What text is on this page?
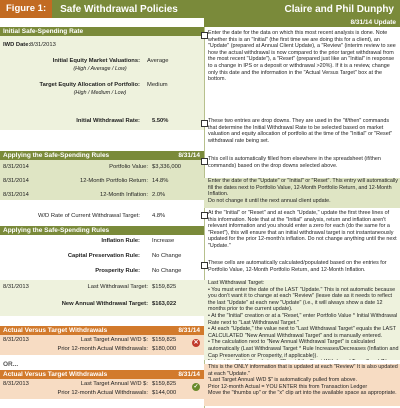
Figure 1:	Safe Withdrawal Policies	Claire and Phil Dunphy
Initial Safe-Spending Rate
IWD Date: 8/31/2013
Initial Equity Market Valuations: Average
(High / Average / Low)
Target Equity Allocation of Portfolio: Medium
(High / Medium / Low)
Initial Withdrawal Rate: 5.50%
Applying the Safe-Spending Rules	8/31/14
8/31/2014	Portfolio Value: $3,336,000
8/31/2014	12-Month Portfolio Return: 14.8%
8/31/2014	12-Month Inflation: 2.0%
W/D Rate of Current Withdrawal Target: 4.8%
Applying the Safe-Spending Rules
Inflation Rule: Increase
Capital Preservation Rule: No Change
Prosperity Rule: No Change
8/31/2013	Last Withdrawal Target: $159,825
New Annual Withdrawal Target: $163,022
Actual Versus Target Withdrawals	8/31/14
8/31/2013	Last Target Annual W/D $: $159,825
Prior 12-month Actual Withdrawals: $180,000
✕
OR...
Actual Versus Target Withdrawals	8/31/14
8/31/2013	Last Target Annual W/D $: $159,825
Prior 12-month Actual Withdrawals: $144,000
✓
8/31/14 Update
Enter the date for the data on which this most recent analysis is done. Note whether this is an "Initial" (the first time we are doing this for a client), an "Update" (prepared at Annual Client Update), a "Review" (interim review to see how the actual withdrawal is now compared to the prior target withdrawal from the most recent "Update"), a "Reset" (prepared just like an "Initial" in response to a change in IPS or a deposit or withdrawal >20%). If it is a review, change only this date and the information in the "Actual Versus Target" box at the bottom.
These two entries are drop downs. They are used in the "if/then" commands that determine the Initial Withdrawal Rate to be selected based on market valuation and equity allocation of portfolio at the time of the "Initial" or "Reset" withdrawal rate being set.
This cell is automatically filled from elsewhere in the spreadsheet (if/then commands) based on the drop downs selected above.
Enter the date of the "Update" or "Initial" or "Reset". This entry will automatically fill the dates next to Portfolio Value, 12-Month Portfolio Return, and 12-Month Inflation.
Do not change it until the next annual client update.
At the "Initial" or "Reset" and at each "Update," update the first three lines of this information. Note that at the "Initial" analysis, return and inflation aren't relevant information and you should enter a zero for each (do the same for a "Reset"), this will ensure that an initial withdrawal target is not instantaneously updated for the prior 12-month's inflation. Do not change anything until the next "Update."
These cells are automatically calculated/populated based on the entries for Portfolio Value, 12-Month Portfolio Return, and 12-Month Inflation.
Last Withdrawal Target:
• You must enter the date of the LAST "Update." This is not automatic because you don't want it to change at each "Review" (leave date as it needs to reflect the last "Update" at each new "Update" (i.e., it will always show a date 12 months prior to the current update).
• At the "Initial" creation or at a "Reset," enter Portfolio Value * Initial Withdrawal Rate next to "Last Withdrawal Target."
• At each "Update," the value next to "Last Withdrawal Target" equals the LAST CALCULATED "New Annual Withdrawal Target" and is manually entered.
• The calculation next to "New Annual Withdrawal Target" is calculated automatically (Last Withdrawal Target * Rule Increases/Decreases (Inflation and Cap Preservation or Prosperity, if applicable)).

This is the ONLY information that is updated at each "Review" It is also updated at each "Update."
"Last Target Annual W/D $" is automatically pulled from above.
Prior 12-month Actual = YOU ENTER this from Transaction Ledger
Move the "thumbs up" or the "x" clip art into the available space as appropriate.
